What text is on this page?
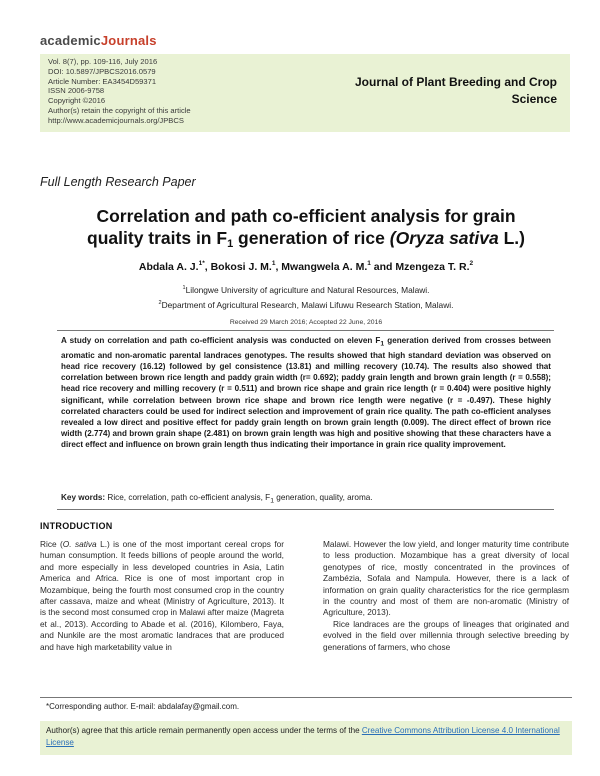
academicJournals
Vol. 8(7), pp. 109-116, July 2016
DOI: 10.5897/JPBCS2016.0579
Article Number: EA3454D59371
ISSN 2006-9758
Copyright ©2016
Author(s) retain the copyright of this article
http://www.academicjournals.org/JPBCS
Journal of Plant Breeding and Crop
Science
Full Length Research Paper
Correlation and path co-efficient analysis for grain
quality traits in $F_1$ generation of rice (Oryza sativa L.)
Abdala A. J.$^{1*}$, Bokosi J. M.$^1$, Mwangwela A. M.$^1$ and Mzengeza T. R.$^2$
$^1$Lilongwe University of agriculture and Natural Resources, Malawi.
$^2$Department of Agricultural Research, Malawi Lifuwu Research Station, Malawi.
Received 29 March 2016; Accepted 22 June, 2016
A study on correlation and path co-efficient analysis was conducted on eleven $F_1$ generation derived from crosses between aromatic and non-aromatic parental landraces genotypes. The results showed that high standard deviation was observed on head rice recovery (16.12) followed by gel consistence (13.81) and milling recovery (10.74). The results also showed that correlation between brown rice length and paddy grain width (r= 0.692); paddy grain length and brown grain length (r = 0.558); head rice recovery and milling recovery (r = 0.511) and brown rice shape and grain rice length (r = 0.404) were positive highly significant, while correlation between brown rice shape and brown rice length were negative (r = -0.497). These highly correlated characters could be used for indirect selection and improvement of grain rice quality. The path co-efficient analyses revealed a low direct and positive effect for paddy grain length on brown grain length (0.009). The direct effect of brown rice width (2.774) and brown grain shape (2.481) on brown grain length was high and positive showing that these characters have a direct effect and influence on brown grain length thus indicating their importance in grain rice quality improvement.
Key words: Rice, correlation, path co-efficient analysis, $F_1$ generation, quality, aroma.
INTRODUCTION

Rice (O. sativa L.) is one of the most important cereal crops for human consumption. It feeds billions of people around the world, and more especially in less developed countries in Asia, Latin America and Africa. Rice is one of most important crop in Mozambique, being the fourth most consumed crop in the country after cassava, maize and wheat (Ministry of Agriculture, 2013). It is the second most consumed crop in Malawi after maize (Magreta et al., 2013). According to Abade et al. (2016), Kilombero, Faya, and Nunkile are the most aromatic landraces that are produced and have high marketability value in

Malawi. However the low yield, and longer maturity time contribute to less production. Mozambique has a great diversity of local genotypes of rice, mostly concentrated in the provinces of Zambézia, Sofala and Nampula. However, there is a lack of information on grain quality characteristics for the rice germplasm in the country and most of them are non-aromatic (Ministry of Agriculture, 2013).

Rice landraces are the groups of lineages that originated and evolved in the field over millennia through selective breeding by generations of farmers, who chose

*Corresponding author. E-mail: abdalafay@gmail.com.
Author(s) agree that this article remain permanently open access under the terms of the Creative Commons Attribution License 4.0 International License
